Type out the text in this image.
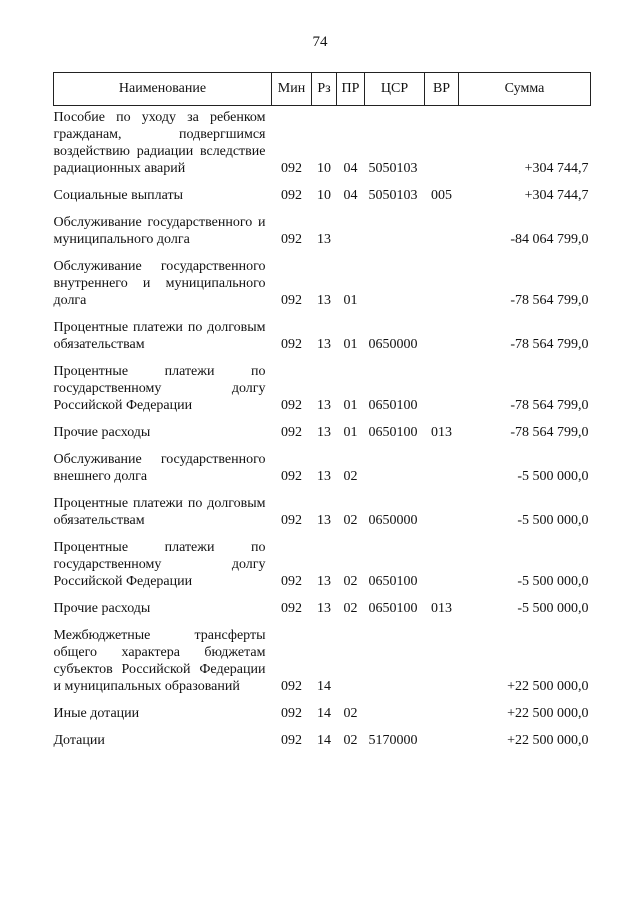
74
Наименование	Мин	Рз	ПР	ЦСР	ВР	Сумма
Пособие по уходу за ребенком гражданам, подвергшимся воздействию радиации вследствие радиационных аварий	092	10	04	5050103		+304 744,7
Социальные выплаты	092	10	04	5050103	005	+304 744,7
Обслуживание государственного и муниципального долга	092	13				-84 064 799,0
Обслуживание государственного внутреннего и муниципального долга	092	13	01			-78 564 799,0
Процентные платежи по долговым обязательствам	092	13	01	0650000		-78 564 799,0
Процентные платежи по государственному долгу Российской Федерации	092	13	01	0650100		-78 564 799,0
Прочие расходы	092	13	01	0650100	013	-78 564 799,0
Обслуживание государственного внешнего долга	092	13	02			-5 500 000,0
Процентные платежи по долговым обязательствам	092	13	02	0650000		-5 500 000,0
Процентные платежи по государственному долгу Российской Федерации	092	13	02	0650100		-5 500 000,0
Прочие расходы	092	13	02	0650100	013	-5 500 000,0
Межбюджетные трансферты общего характера бюджетам субъектов Российской Федерации и муниципальных образований	092	14				+22 500 000,0
Иные дотации	092	14	02			+22 500 000,0
Дотации	092	14	02	5170000		+22 500 000,0
